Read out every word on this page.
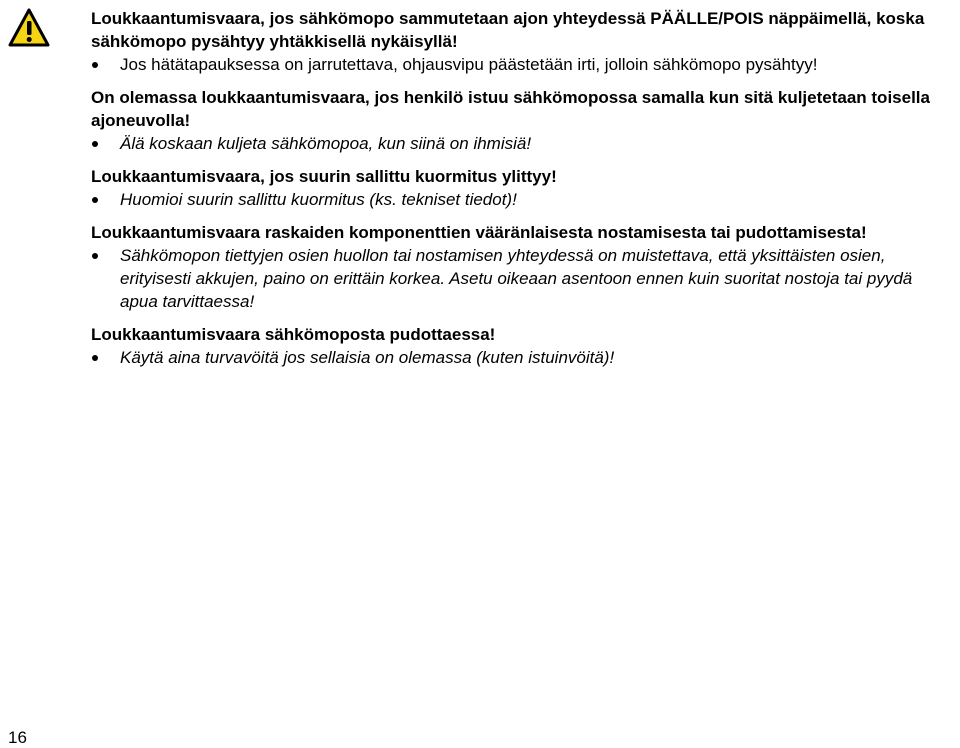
Loukkaantumisvaara, jos sähkömopo sammutetaan ajon yhteydessä PÄÄLLE/POIS näppäimellä, koska sähkömopo pysähtyy yhtäkkisellä nykäisyllä!

Jos hätätapauksessa on jarrutettava, ohjausvipu päästetään irti, jolloin sähkömopo pysähtyy!

On olemassa loukkaantumisvaara, jos henkilö istuu sähkömopossa samalla kun sitä kuljetetaan toisella ajoneuvolla!

Älä koskaan kuljeta sähkömopoa, kun siinä on ihmisiä!

Loukkaantumisvaara, jos suurin sallittu kuormitus ylittyy!

Huomioi suurin sallittu kuormitus (ks. tekniset tiedot)!

Loukkaantumisvaara raskaiden komponenttien vääränlaisesta nostamisesta tai pudottamisesta!

Sähkömopon tiettyjen osien huollon tai nostamisen yhteydessä on muistettava, että yksittäisten osien, erityisesti akkujen, paino on erittäin korkea. Asetu oikeaan asentoon ennen kuin suoritat nostoja tai pyydä apua tarvittaessa!

Loukkaantumisvaara sähkömoposta pudottaessa!

Käytä aina turvavöitä jos sellaisia on olemassa (kuten istuinvöitä)!

16
